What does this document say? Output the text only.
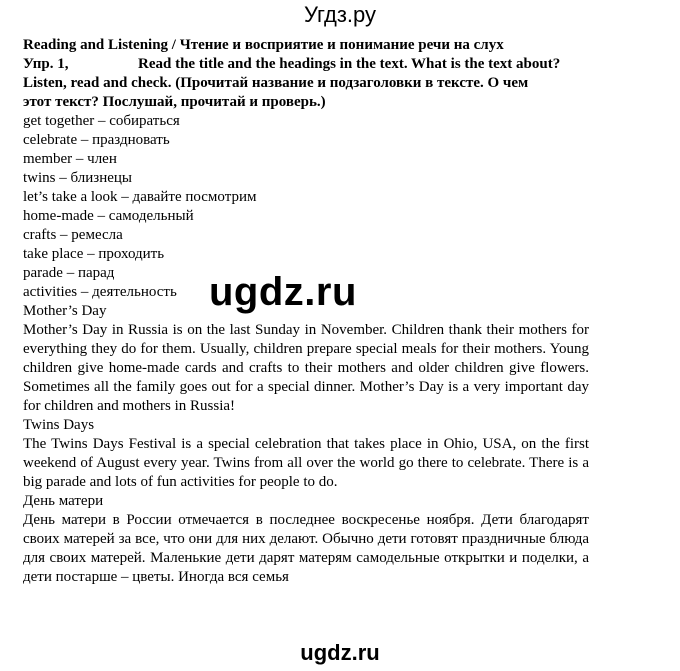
Угдз.ру
Reading and Listening / Чтение и восприятие и понимание речи на слух
Упр. 1,	Read the title and the headings in the text. What is the text about?
Listen, read and check. (Прочитай название и подзаголовки в тексте. О чем
этот текст? Послушай, прочитай и проверь.)
get together – собираться
celebrate – праздновать
member – член
twins – близнецы
let’s take a look – давайте посмотрим
home-made – самодельный
crafts – ремесла
take place – проходить
parade – парад
activities – деятельность
Mother’s Day
Mother’s Day in Russia is on the last Sunday in November. Children thank their mothers for everything they do for them. Usually, children prepare special meals for their mothers. Young children give home-made cards and crafts to their mothers and older children give flowers. Sometimes all the family goes out for a special dinner. Mother’s Day is a very important day for children and mothers in Russia!
Twins Days
The Twins Days Festival is a special celebration that takes place in Ohio, USA, on the first weekend of August every year. Twins from all over the world go there to celebrate. There is a big parade and lots of fun activities for people to do.
День матери
День матери в России отмечается в последнее воскресенье ноября. Дети благодарят своих матерей за все, что они для них делают. Обычно дети готовят праздничные блюда для своих матерей. Маленькие дети дарят матерям самодельные открытки и поделки, а дети постарше – цветы. Иногда вся семья
ugdz.ru
ugdz.ru
